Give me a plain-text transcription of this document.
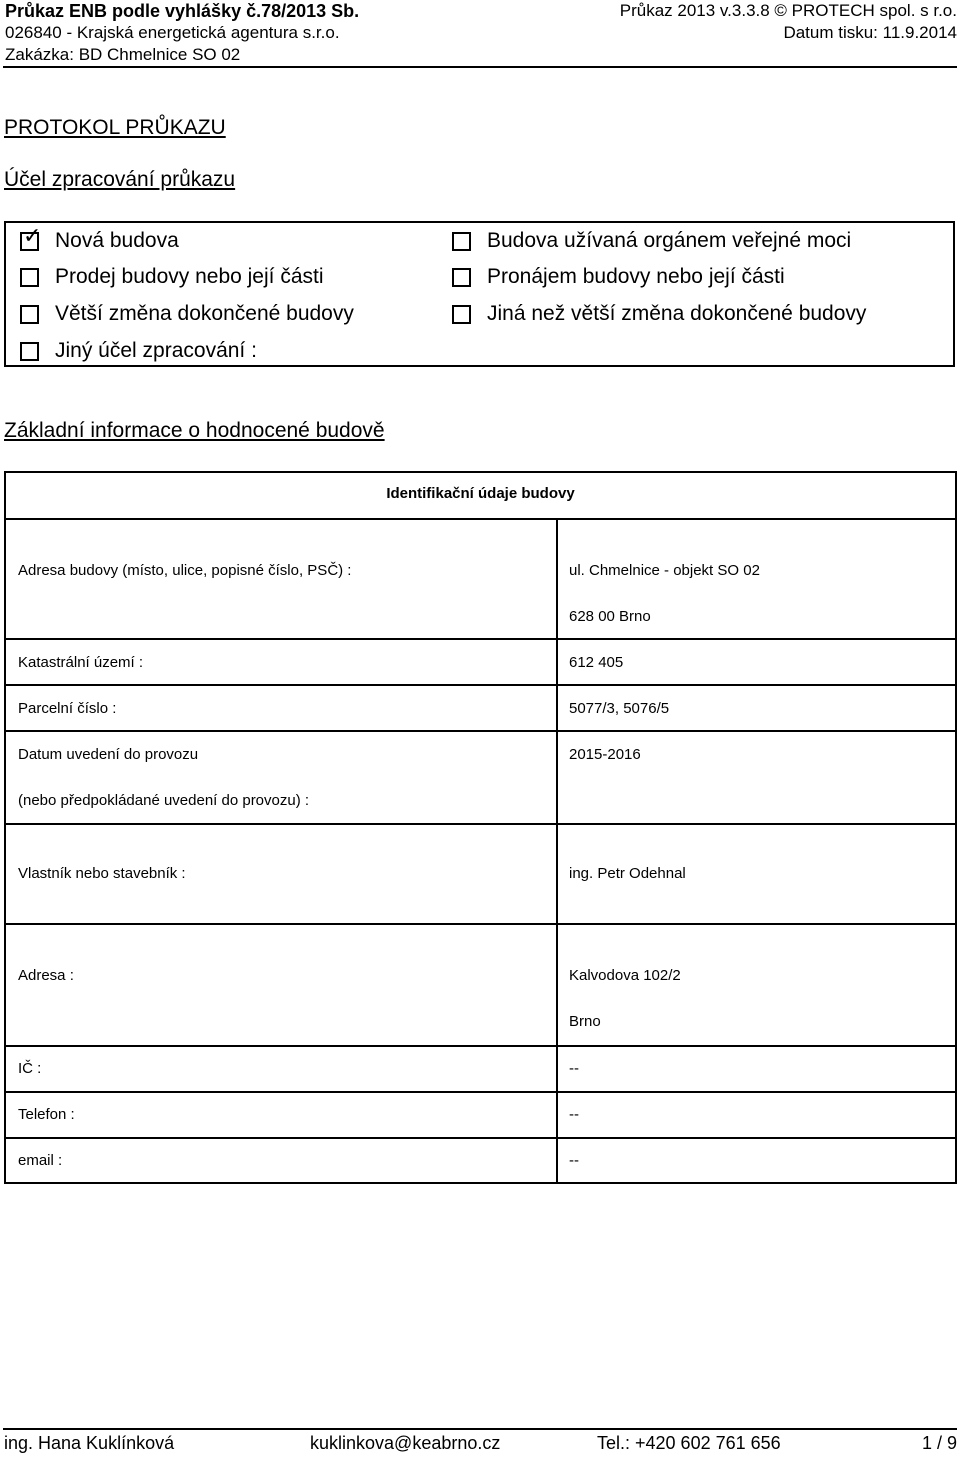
Průkaz ENB podle vyhlášky č.78/2013 Sb.	Průkaz 2013 v.3.3.8 © PROTECH spol. s r.o.
026840 - Krajská energetická agentura s.r.o.	Datum tisku: 11.9.2014
Zakázka: BD Chmelnice SO 02
PROTOKOL PRŮKAZU
Účel zpracování průkazu
✓ Nová budova	Budova užívaná orgánem veřejné moci
Prodej budovy nebo její části	Pronájem budovy nebo její části
Větší změna dokončené budovy	Jiná než větší změna dokončené budovy
Jiný účel zpracování :
Základní informace o hodnocené budově
Identifikační údaje budovy
Adresa budovy (místo, ulice, popisné číslo, PSČ) :	ul. Chmelnice - objekt SO 02
628 00 Brno
Katastrální území :	612 405
Parcelní číslo :	5077/3, 5076/5
Datum uvedení do provozu	2015-2016
(nebo předpokládané uvedení do provozu) :
Vlastník nebo stavebník :	ing. Petr Odehnal
Adresa :	Kalvodova 102/2
Brno
IČ :	--
Telefon :	--
email :	--
ing. Hana Kuklínková	kuklinkova@keabrno.cz	Tel.: +420 602 761 656	1 / 9
